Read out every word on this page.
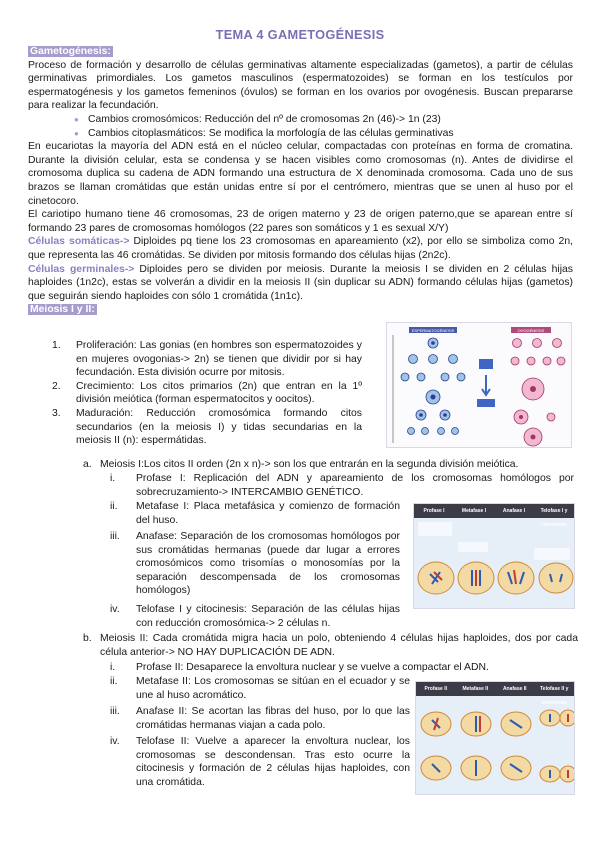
TEMA 4 GAMETOGÉNESIS
Gametogénesis:

Proceso de formación y desarrollo de células germinativas altamente especializadas (gametos), a partir de células germinativas primordiales. Los gametos masculinos (espermatozoides) se forman en los testículos por espermatogénesis y los gametos femeninos (óvulos) se forman en los ovarios por ovogénesis. Buscan prepararse para realizar la fecundación.

● Cambios cromosómicos: Reducción del nº de cromosomas 2n (46)-> 1n (23)
● Cambios citoplasmáticos: Se modifica la morfología de las células germinativas

En eucariotas la mayoría del ADN está en el núcleo celular, compactadas con proteínas en forma de cromatina. Durante la división celular, esta se condensa y se hacen visibles como cromosomas (n). Antes de dividirse el cromosoma duplica su cadena de ADN formando una estructura de X denominada cromosoma. Cada uno de sus brazos se llaman cromátidas que están unidas entre sí por el centrómero, mientras que se unen al huso por el cinetocoro.

El cariotipo humano tiene 46 cromosomas, 23 de origen materno y 23 de origen paterno,que se aparean entre sí formando 23 pares de cromosomas homólogos (22 pares son somáticos y 1 es sexual X/Y)

Células somáticas-> Diploides pq tiene los 23 cromosomas en apareamiento (x2), por ello se simboliza como 2n, que representa las 46 cromátidas. Se dividen por mitosis formando dos células hijas (2n2c).

Células germinales-> Diploides pero se dividen por meiosis. Durante la meiosis I se dividen en 2 células hijas haploides (1n2c), estas se volverán a dividir en la meiosis II (sin duplicar su ADN) formando células hijas (gametos) que seguirán siendo haploides con sólo 1 cromátida (1n1c).

Meiosis I y II:
1. Proliferación: Las gonias (en hombres son espermatozoides y en mujeres ovogonias-> 2n) se tienen que dividir por si hay fecundación. Esta división ocurre por mitosis.
2. Crecimiento: Los citos primarios (2n) que entran en la 1º división meiótica (forman espermatocitos y oocitos).
3. Maduración: Reducción cromosómica formando citos secundarios (en la meiosis I) y tidas secundarias en la meiosis II (n): espermátidas.
a. Meiosis I:Los citos II orden (2n x n)-> son los que entrarán en la segunda división meiótica.
i.	Profase I: Replicación del ADN y apareamiento de los cromosomas homólogos por sobrecruzamiento-> INTERCAMBIO GENÉTICO.
ii.	Metafase I: Placa metafásica y comienzo de formación del huso.
iii.	Anafase: Separación de los cromosomas homólogos por sus cromátidas hermanas (puede dar lugar a errores cromosómicos como trisomías o monosomías por la separación descompensada de los cromosomas homólogos)
iv.	Telofase I y citocinesis: Separación de las células hijas con reducción cromosómica-> 2 células n.
b. Meiosis II: Cada cromátida migra hacia un polo, obteniendo 4 células hijas haploides, dos por cada célula anterior-> NO HAY DUPLICACIÓN DE ADN.
i.	Profase II: Desaparece la envoltura nuclear y se vuelve a compactar el ADN.
ii.	Metafase II: Los cromosomas se sitúan en el ecuador y se une al huso acromático.
iii.	Anafase II: Se acortan las fibras del huso, por lo que las cromátidas hermanas viajan a cada polo.
iv.	Telofase II: Vuelve a aparecer la envoltura nuclear, los cromosomas se descondensan. Tras esto ocurre la citocinesis y formación de 2 células hijas haploides, con una cromátida.
ESPERMATOGÉNESIS	OVOGÉNESIS
Profase I	Metafase I	Anafase I	Telofase I y citocinesis
Profase II	Metafase II	Anafase II	Telofase II y citocinesis
